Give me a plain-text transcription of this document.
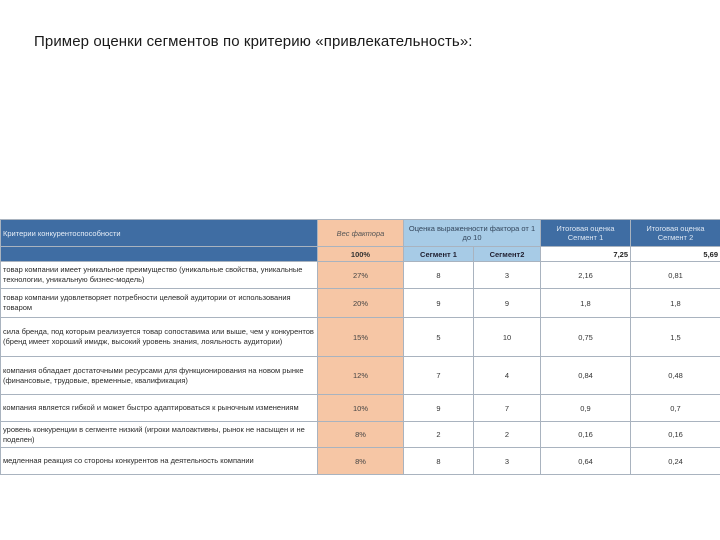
Пример оценки сегментов по критерию «привлекательность»:
Критерии конкурентоспособности	Вес фактора	Оценка выраженности фактора от 1 до 10		Итоговая оценка Сегмент 1	Итоговая оценка Сегмент 2
	100%	Сегмент 1	Сегмент2	7,25	5,69
товар компании имеет уникальное преимущество (уникальные свойства, уникальные технологии, уникальную бизнес-модель)	27%	8	3	2,16	0,81
товар компании удовлетворяет потребности целевой аудитории от использования товаром	20%	9	9	1,8	1,8
сила бренда, под которым реализуется товар сопоставима или выше, чем у конкурентов (бренд имеет хороший имидж, высокий уровень знания, лояльность аудитории)	15%	5	10	0,75	1,5
компания обладает достаточными ресурсами для функционирования на новом рынке (финансовые, трудовые, временные, квалификация)	12%	7	4	0,84	0,48
компания является гибкой и может быстро адаптироваться к рыночным изменениям	10%	9	7	0,9	0,7
уровень конкуренции в сегменте низкий (игроки малоактивны, рынок не насыщен и не поделен)	8%	2	2	0,16	0,16
медленная реакция со стороны конкурентов на деятельность компании	8%	8	3	0,64	0,24
